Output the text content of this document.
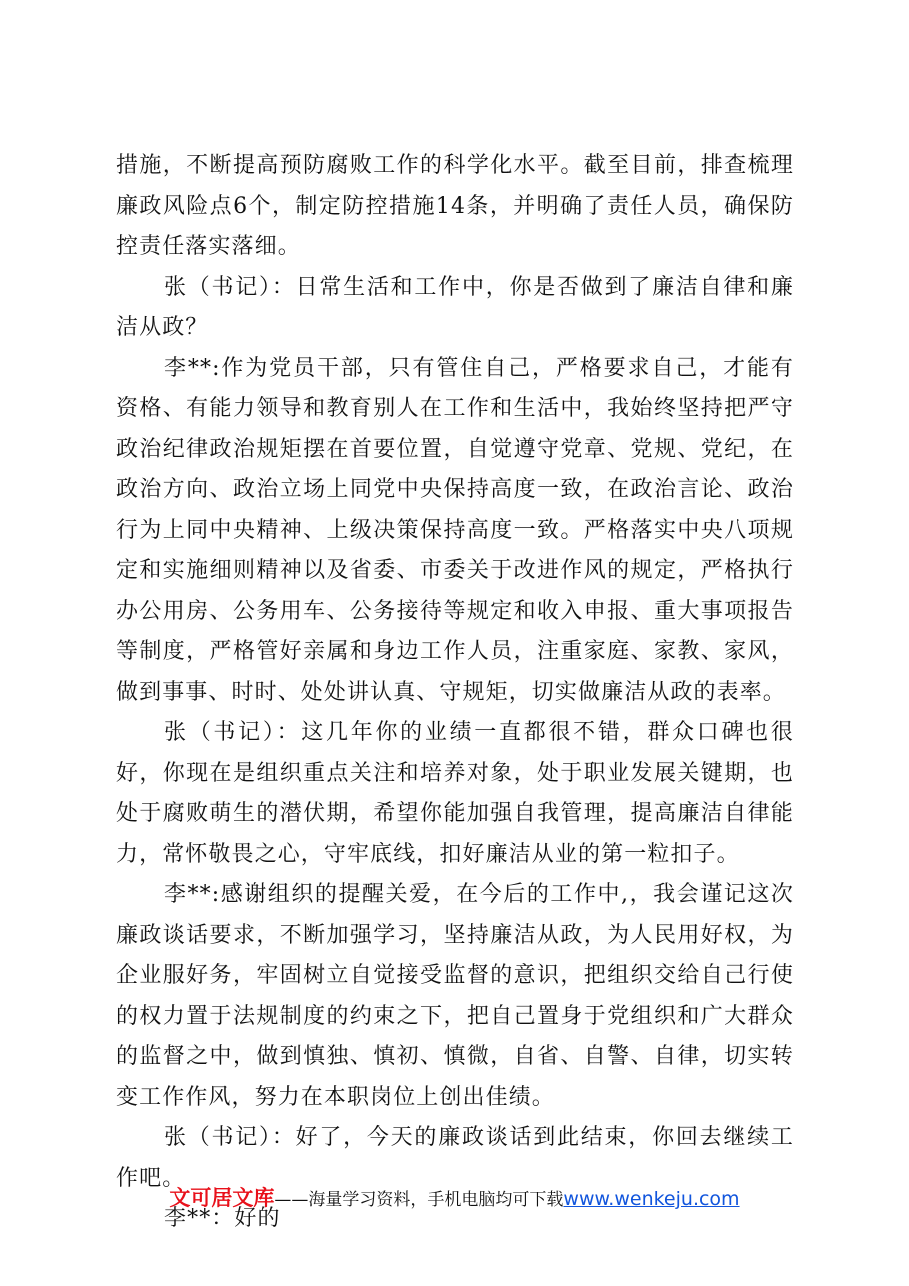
措施，不断提高预防腐败工作的科学化水平。截至目前，排查梳理廉政风险点6个，制定防控措施14条，并明确了责任人员，确保防控责任落实落细。

张（书记）：日常生活和工作中，你是否做到了廉洁自律和廉洁从政？

李**:作为党员干部，只有管住自己，严格要求自己，才能有资格、有能力领导和教育别人在工作和生活中，我始终坚持把严守政治纪律政治规矩摆在首要位置，自觉遵守党章、党规、党纪，在政治方向、政治立场上同党中央保持高度一致，在政治言论、政治行为上同中央精神、上级决策保持高度一致。严格落实中央八项规定和实施细则精神以及省委、市委关于改进作风的规定，严格执行办公用房、公务用车、公务接待等规定和收入申报、重大事项报告等制度，严格管好亲属和身边工作人员，注重家庭、家教、家风，做到事事、时时、处处讲认真、守规矩，切实做廉洁从政的表率。

张（书记）：这几年你的业绩一直都很不错，群众口碑也很好，你现在是组织重点关注和培养对象，处于职业发展关键期，也处于腐败萌生的潜伏期，希望你能加强自我管理，提高廉洁自律能力，常怀敬畏之心，守牢底线，扣好廉洁从业的第一粒扣子。

李**:感谢组织的提醒关爱，在今后的工作中,，我会谨记这次廉政谈话要求，不断加强学习，坚持廉洁从政，为人民用好权，为企业服好务，牢固树立自觉接受监督的意识，把组织交给自己行使的权力置于法规制度的约束之下，把自己置身于党组织和广大群众的监督之中，做到慎独、慎初、慎微，自省、自警、自律，切实转变工作作风，努力在本职岗位上创出佳绩。

张（书记）：好了，今天的廉政谈话到此结束，你回去继续工作吧。

李**：好的

文可居文库——海量学习资料，手机电脑均可下载www.wenkeju.com
